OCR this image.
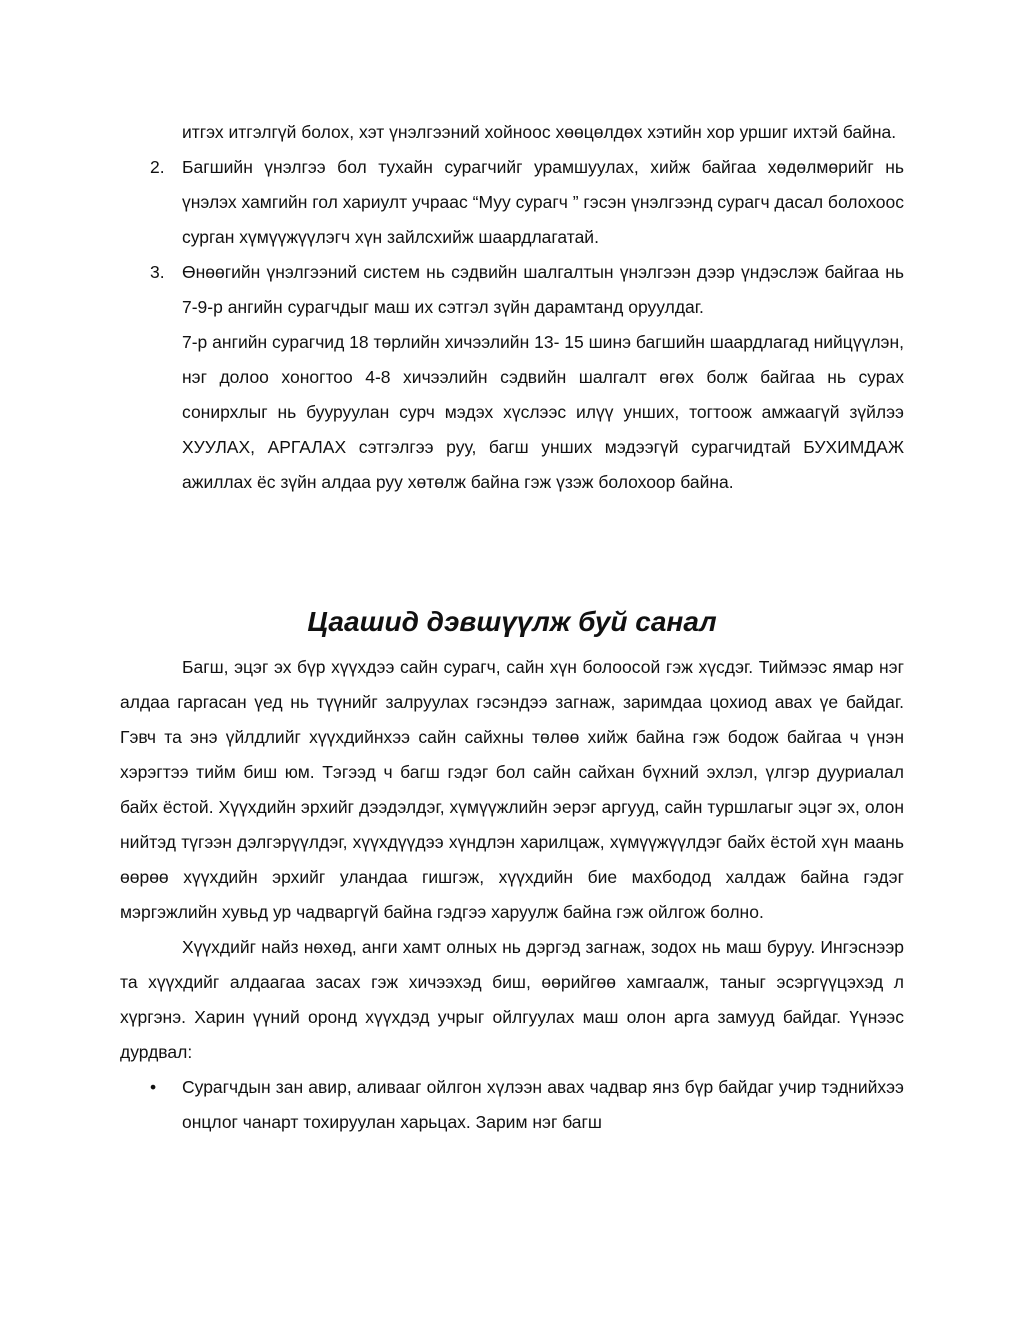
итгэх итгэлгүй болох, хэт үнэлгээний хойноос хөөцөлдөх хэтийн хор уршиг ихтэй байна.

2. Багшийн үнэлгээ бол тухайн сурагчийг урамшуулах, хийж байгаа хөдөлмөрийг нь үнэлэх хамгийн гол хариулт учраас “Муу сурагч ” гэсэн үнэлгээнд сурагч дасал болохоос сурган хүмүүжүүлэгч хүн зайлсхийж шаардлагатай.

3. Өнөөгийн үнэлгээний систем нь сэдвийн шалгалтын үнэлгээн дээр үндэслэж байгаа нь 7-9-р ангийн сурагчдыг маш их сэтгэл зүйн дарамтанд оруулдаг.

7-р ангийн сурагчид 18 төрлийн хичээлийн 13- 15 шинэ багшийн шаардлагад нийцүүлэн, нэг долоо хоногтоо 4-8 хичээлийн сэдвийн шалгалт өгөх болж байгаа нь сурах сонирхлыг нь бууруулан сурч мэдэх хүслээс илүү унших, тогтоож амжаагүй зүйлээ ХУУЛАХ, АРГАЛАХ сэтгэлгээ руу, багш унших мэдээгүй сурагчидтай БУХИМДАЖ ажиллах ёс зүйн алдаа руу хөтөлж байна гэж үзэж болохоор байна.

Цаашид дэвшүүлж буй санал

Багш, эцэг эх бүр хүүхдээ сайн сурагч, сайн хүн болоосой гэж хүсдэг. Тиймээс ямар нэг алдаа гаргасан үед нь түүнийг залруулах гэсэндээ загнаж, заримдаа цохиод авах үе байдаг. Гэвч та энэ үйлдлийг хүүхдийнхээ сайн сайхны төлөө хийж байна гэж бодож байгаа ч үнэн хэрэгтээ тийм биш юм. Тэгээд ч багш гэдэг бол сайн сайхан бүхний эхлэл, үлгэр дууриалал байх ёстой. Хүүхдийн эрхийг дээдэлдэг, хүмүүжлийн эерэг аргууд, сайн туршлагыг эцэг эх, олон нийтэд түгээн дэлгэрүүлдэг, хүүхдүүдээ хүндлэн харилцаж, хүмүүжүүлдэг байх ёстой хүн маань өөрөө хүүхдийн эрхийг уландаа гишгэж, хүүхдийн бие махбодод халдаж байна гэдэг мэргэжлийн хувьд ур чадваргүй байна гэдгээ харуулж байна гэж ойлгож болно.

Хүүхдийг найз нөхөд, анги хамт олных нь дэргэд загнаж, зодох нь маш буруу. Ингэснээр та хүүхдийг алдаагаа засах гэж хичээхэд биш, өөрийгөө хамгаалж, таныг эсэргүүцэхэд л хүргэнэ. Харин үүний оронд хүүхдэд учрыг ойлгуулах маш олон арга замууд байдаг. Үүнээс дурдвал:

•	Сурагчдын зан авир, аливааг ойлгон хүлээн авах чадвар янз бүр байдаг учир тэднийхээ онцлог чанарт тохируулан харьцах. Зарим нэг багш
